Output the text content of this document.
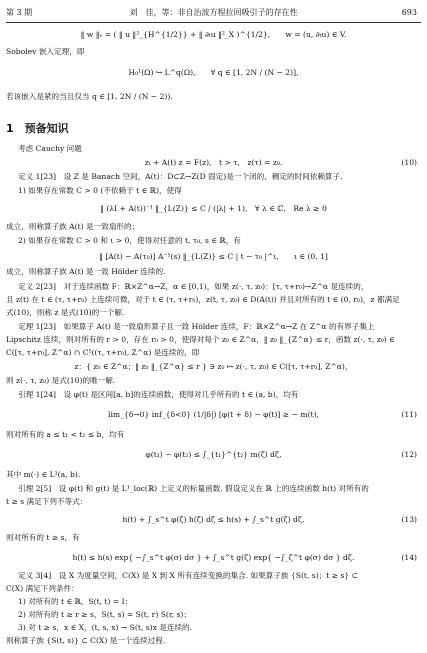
第 3 期	刘　佳，等：非自治波方程拉回吸引子的存在性	693
‖ w ‖ᵥ = ( ‖ u ‖²_{H^{1/2}} + ‖ ∂ₜu ‖²_X )^{1/2},　　w = (u, ∂ₜu) ∈ V.
Sobolev 嵌入定理，即
H₀¹(Ω) ↪ L^q(Ω),　　∀ q ∈ [1, 2N / (N − 2)],
若该嵌入是紧的当且仅当 q ∈ [1, 2N / (N − 2)).
1　预备知识
考虑 Cauchy 问题
zₜ + A(t) z = F(z),　t > τ,　z(τ) = z₀.	(10)
定义 1[23]　设 Z 是 Banach 空间，A(t)：D⊂Z→Z(D 固定)是一个闭的、稠定的时间依赖算子.
1) 如果存在常数 C > 0 (不依赖于 t ∈ ℝ)，使得
‖ (λI + A(t))⁻¹ ‖_{L(Z)} ≤ C / (|λ| + 1),　∀ λ ∈ ℂ,　Re λ ≥ 0
成立，则称算子族 A(t) 是一致扇形的；
2) 如果存在常数 C > 0 和 ι > 0，使得对任意的 t, τ₀, s ∈ ℝ，有
‖ [A(t) − A(τ₀)] A⁻¹(s) ‖_{L(Z)} ≤ C | t − τ₀ |^ι,　　ι ∈ (0, 1]
成立，则称算子族 A(t) 是一致 Hölder 连续的.
定义 2[23]　对于连续函数 F：ℝ×Z^α→Z，α ∈ [0,1)，如果 z(·, τ, z₀)：[τ, τ+r₀)→Z^α 是连续的，
且 z(t) 在 t ∈ (τ, τ+r₀) 上连续可微，对于 t ∈ (τ, τ+r₀)，z(t, τ, z₀) ∈ D(A(t)) 并且对所有的 t ∈ (0, r₀)，z 都满足
式(10)，则称 z 是式(10)的一个解.
定理 1[23]　如果算子 A(t) 是一致扇形算子且一致 Hölder 连续，F：ℝ×Z^α→Z 在 Z^α 的有界子集上
Lipschitz 连续，则对所有的 r > 0，存在 r₀ > 0，使得对每个 z₀ ∈ Z^α，‖ z₀ ‖_{Z^α} ≤ r，函数 z(·, τ, z₀) ∈
C([τ, τ+r₀], Z^α) ∩ C¹((τ, τ+r₀), Z^α) 是连续的，即
z：{ z₀ ∈ Z^α；‖ z₀ ‖_{Z^α} ≤ r } ∋ z₀ ↦ z(·, τ, z₀) ∈ C([τ, τ+r₀], Z^α)，
则 z(·, τ, z₀) 是式(10)的唯一解.
引理 1[24]　设 φ(t) 是区间[a, b]的连续函数，使得对几乎所有的 t ∈ (a, b)，均有
lim_{δ→0} inf_{δ<0} (1/|δ|) [φ(t + δ) − φ(t)] ≥ − m(t),	(11)
则对所有的 a ≤ t₁ < t₂ ≤ b，均有
φ(t₁) − φ(t₂) ≤ ∫_{t₁}^{t₂} m(ζ) dζ,	(12)
其中 m(·) ∈ L¹(a, b).
引理 2[5]　设 φ(t) 和 g(t) 是 L¹_loc(ℝ) 上定义的标量函数. 假设定义在 ℝ 上的连续函数 h(t) 对所有的
t ≥ s 满足下列不等式：
h(t) + ∫_s^t φ(ζ) h(ζ) dζ ≤ h(s) + ∫_s^t g(ζ) dζ,	(13)
则对所有的 t ≥ s，有
h(t) ≤ h(s) exp{ −∫_s^t φ(σ) dσ } + ∫_s^t g(ζ) exp{ −∫_ζ^t φ(σ) dσ } dζ.	(14)
定义 3[4]　设 X 为度量空间，C(X) 是 X 到 X 所有连续变换的集合. 如果算子族 {S(t, s)；t ≥ s} ⊂
C(X) 满足下列条件：
1) 对所有的 t ∈ ℝ，S(t, t) = I；
2) 对所有的 t ≥ r ≥ s，S(t, s) = S(t, r) S(r, s)；
3) 对 t ≥ s，x ∈ X，(t, s, x) → S(t, s)x 是连续的.
则称算子族 {S(t, s)} ⊂ C(X) 是一个连续过程.
